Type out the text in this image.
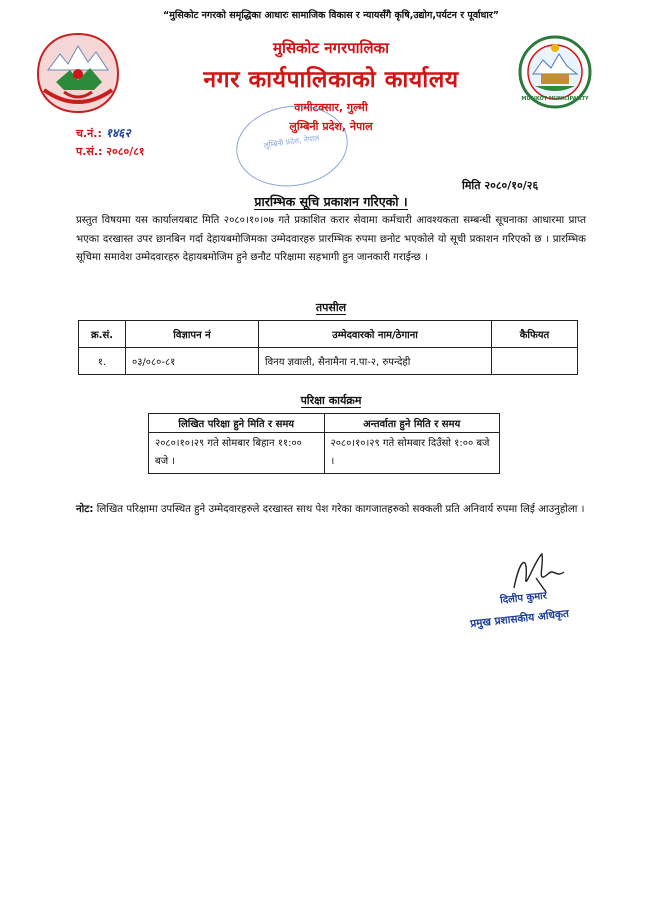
“मुसिकोट नगरको समृद्धिका आधारः सामाजिक विकास र न्यायसँगै कृषि,उद्योग,पर्यटन र पूर्वाधार”
MUSIKOT MUNICIPALITY
मुसिकोट नगरपालिका
नगर कार्यपालिकाको कार्यालय
वामीटक्सार, गुल्मी
लुम्बिनी प्रदेश, नेपाल
च.नं.: १४६२
प.सं.: २०८०/८१
लुम्बिनी प्रदेश, नेपाल
मिति २०८०/१०/२६
प्रारम्भिक सूचि प्रकाशन गरिएको ।
प्रस्तुत विषयमा यस कार्यालयबाट मिति २०८०।१०।०७ गते प्रकाशित करार सेवामा कर्मचारी आवश्यकता सम्बन्धी सूचनाका आधारमा प्राप्त भएका दरखास्त उपर छानबिन गर्दा देहायबमोजिमका उम्मेदवारहरु प्रारम्भिक रुपमा छनोट भएकोले यो सूची प्रकाशन गरिएको छ । प्रारम्भिक सूचिमा समावेश उम्मेदवारहरु देहायबमोजिम हुने छनौट परिक्षामा सहभागी हुन जानकारी गराईन्छ ।
तपसील
क्र.सं.	विज्ञापन नं	उम्मेदवारको नाम/ठेगाना	कैफियत
१.	०३/०८०-८१	विनय ज्ञवाली, सैनामैना न.पा-२, रुपन्देही	
परिक्षा कार्यक्रम
लिखित परिक्षा हुने मिति र समय	अन्तर्वाता हुने मिति र समय
२०८०।१०।२९ गते सोमबार बिहान ११:०० बजे ।	२०८०।१०।२९ गते सोमबार दिउँसो १:०० बजे ।
नोट: लिखित परिक्षामा उपस्थित हुने उम्मेदवारहरुले दरखास्त साथ पेश गरेका कागजातहरुको सक्कली प्रति अनिवार्य रुपमा लिई आउनुहोला ।
दिलीप कुमार
प्रमुख प्रशासकीय अधिकृत
